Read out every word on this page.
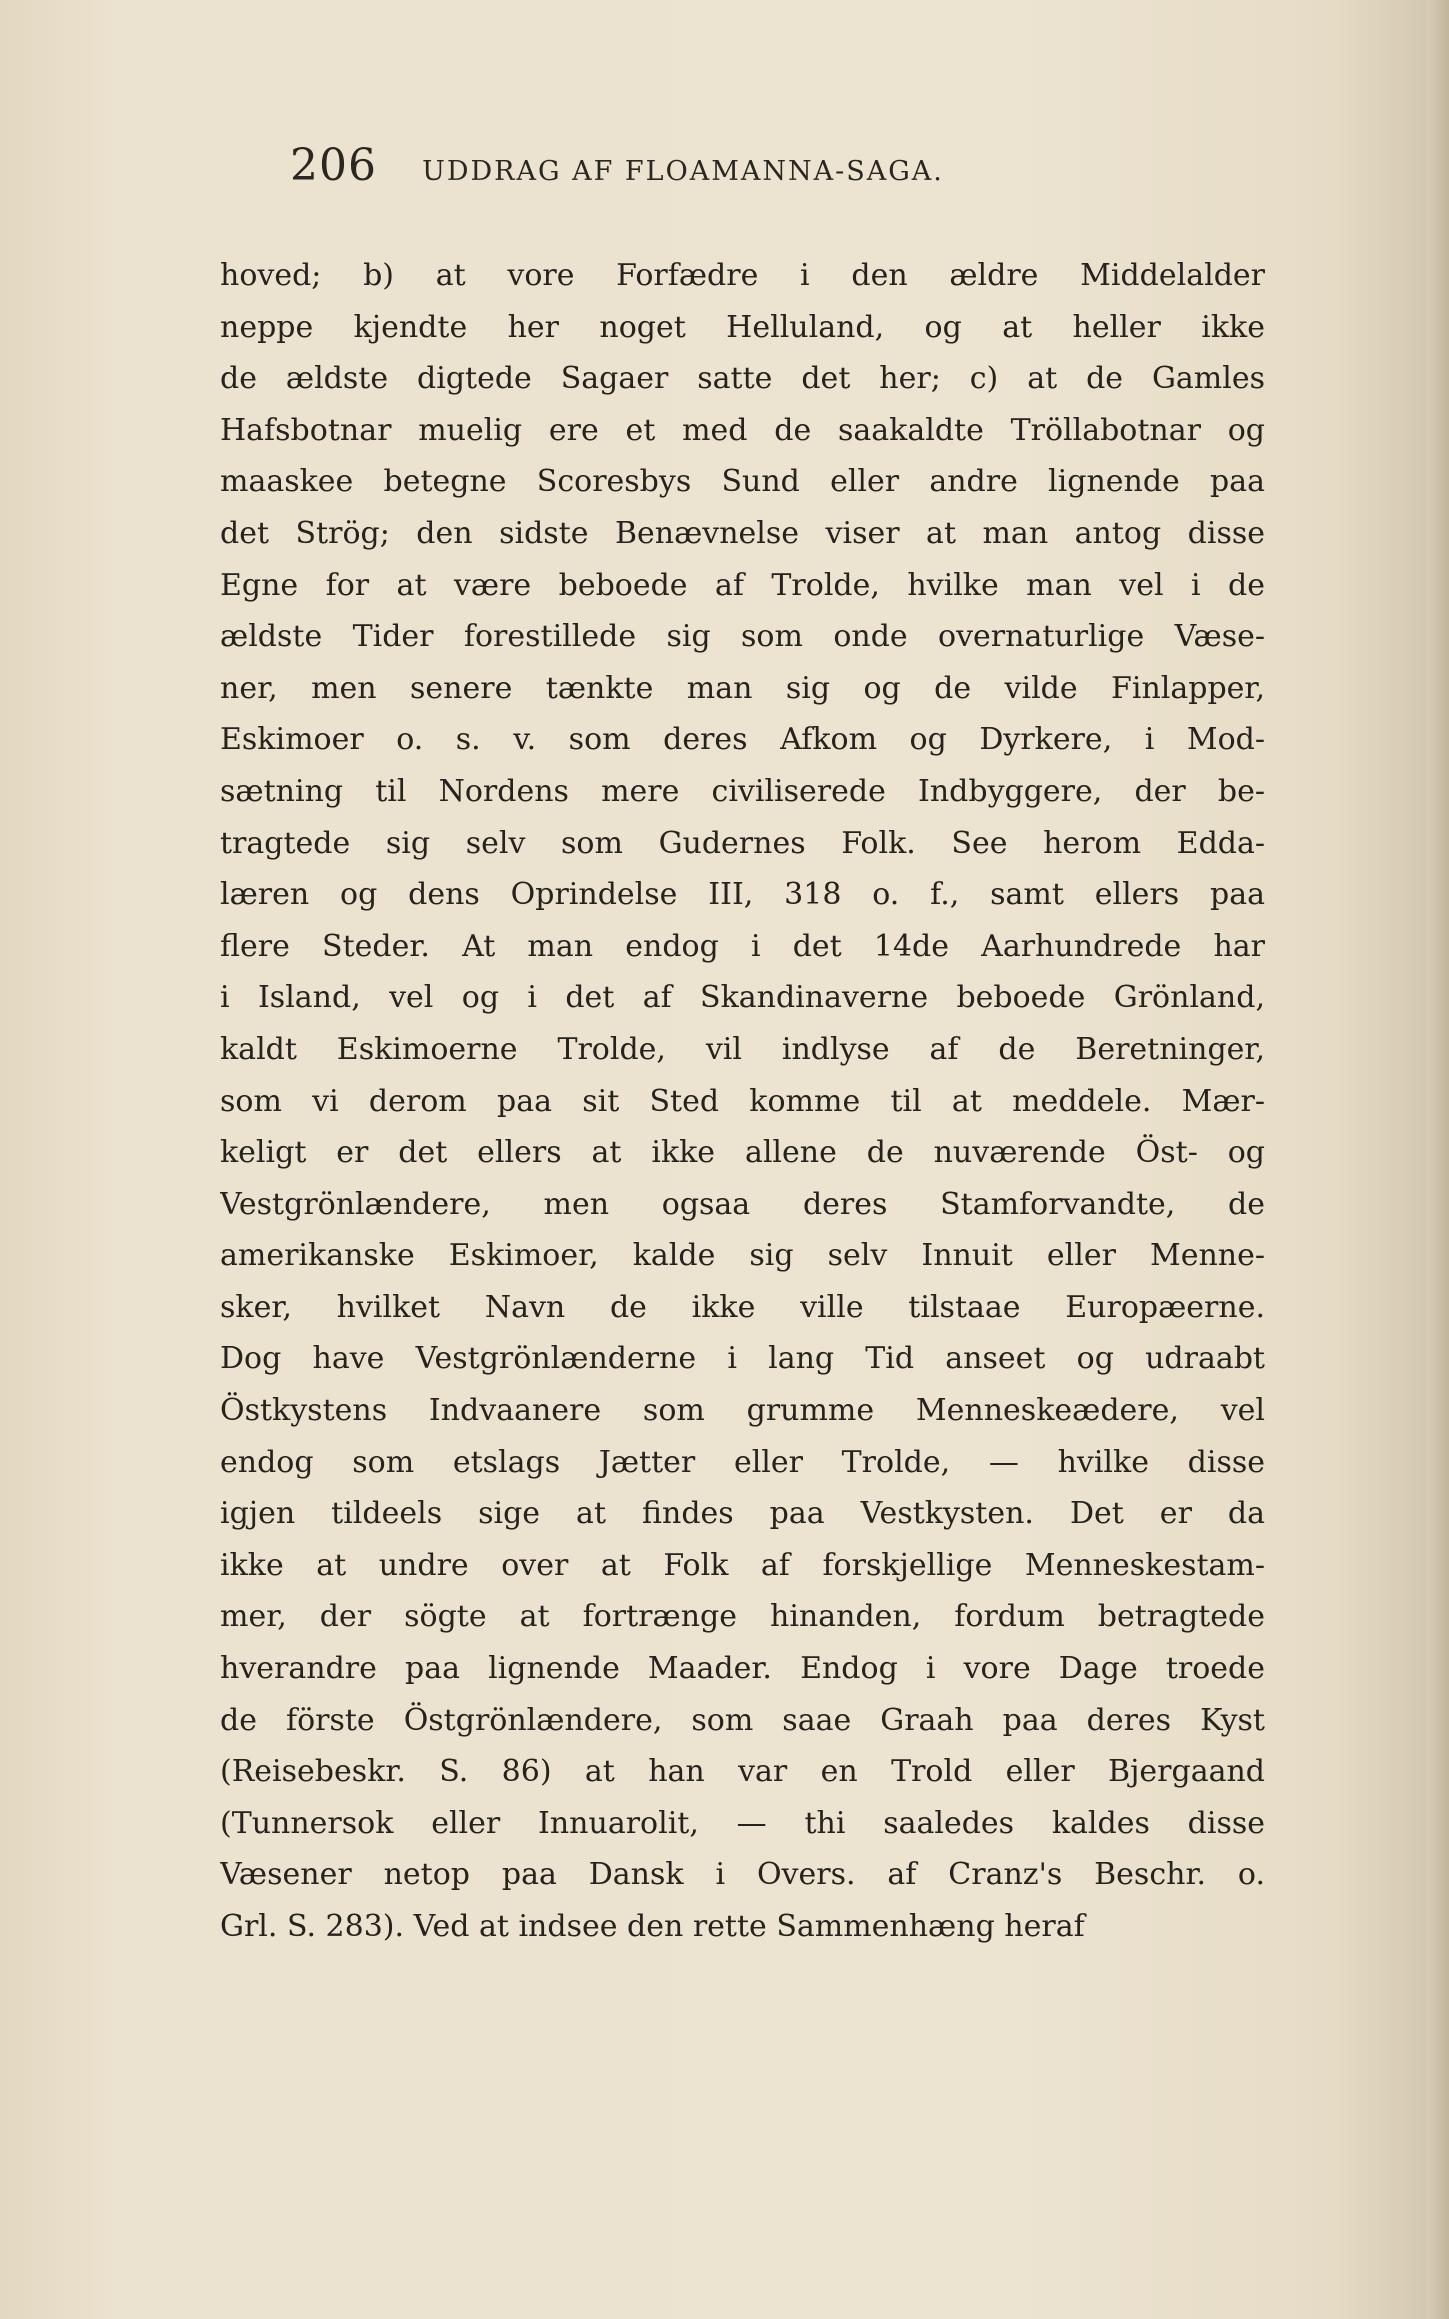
206 UDDRAG AF FLOAMANNA-SAGA.
hoved; b) at vore Forfædre i den ældre Middelalder
neppe kjendte her noget Helluland, og at heller ikke
de ældste digtede Sagaer satte det her; c) at de Gamles
Hafsbotnar muelig ere et med de saakaldte Tröllabotnar og
maaskee betegne Scoresbys Sund eller andre lignende paa
det Strög; den sidste Benævnelse viser at man antog disse
Egne for at være beboede af Trolde, hvilke man vel i de
ældste Tider forestillede sig som onde overnaturlige Væse-
ner, men senere tænkte man sig og de vilde Finlapper,
Eskimoer o. s. v. som deres Afkom og Dyrkere, i Mod-
sætning til Nordens mere civiliserede Indbyggere, der be-
tragtede sig selv som Gudernes Folk. See herom Edda-
læren og dens Oprindelse III, 318 o. f., samt ellers paa
flere Steder. At man endog i det 14de Aarhundrede har
i Island, vel og i det af Skandinaverne beboede Grönland,
kaldt Eskimoerne Trolde, vil indlyse af de Beretninger,
som vi derom paa sit Sted komme til at meddele. Mær-
keligt er det ellers at ikke allene de nuværende Öst- og
Vestgrönlændere, men ogsaa deres Stamforvandte, de
amerikanske Eskimoer, kalde sig selv Innuit eller Menne-
sker, hvilket Navn de ikke ville tilstaae Europæerne.
Dog have Vestgrönlænderne i lang Tid anseet og udraabt
Östkystens Indvaanere som grumme Menneskeædere, vel
endog som etslags Jætter eller Trolde, — hvilke disse
igjen tildeels sige at findes paa Vestkysten. Det er da
ikke at undre over at Folk af forskjellige Menneskestam-
mer, der sögte at fortrænge hinanden, fordum betragtede
hverandre paa lignende Maader. Endog i vore Dage troede
de förste Östgrönlændere, som saae Graah paa deres Kyst
(Reisebeskr. S. 86) at han var en Trold eller Bjergaand
(Tunnersok eller Innuarolit, — thi saaledes kaldes disse
Væsener netop paa Dansk i Overs. af Cranz's Beschr. o.
Grl. S. 283). Ved at indsee den rette Sammenhæng heraf
